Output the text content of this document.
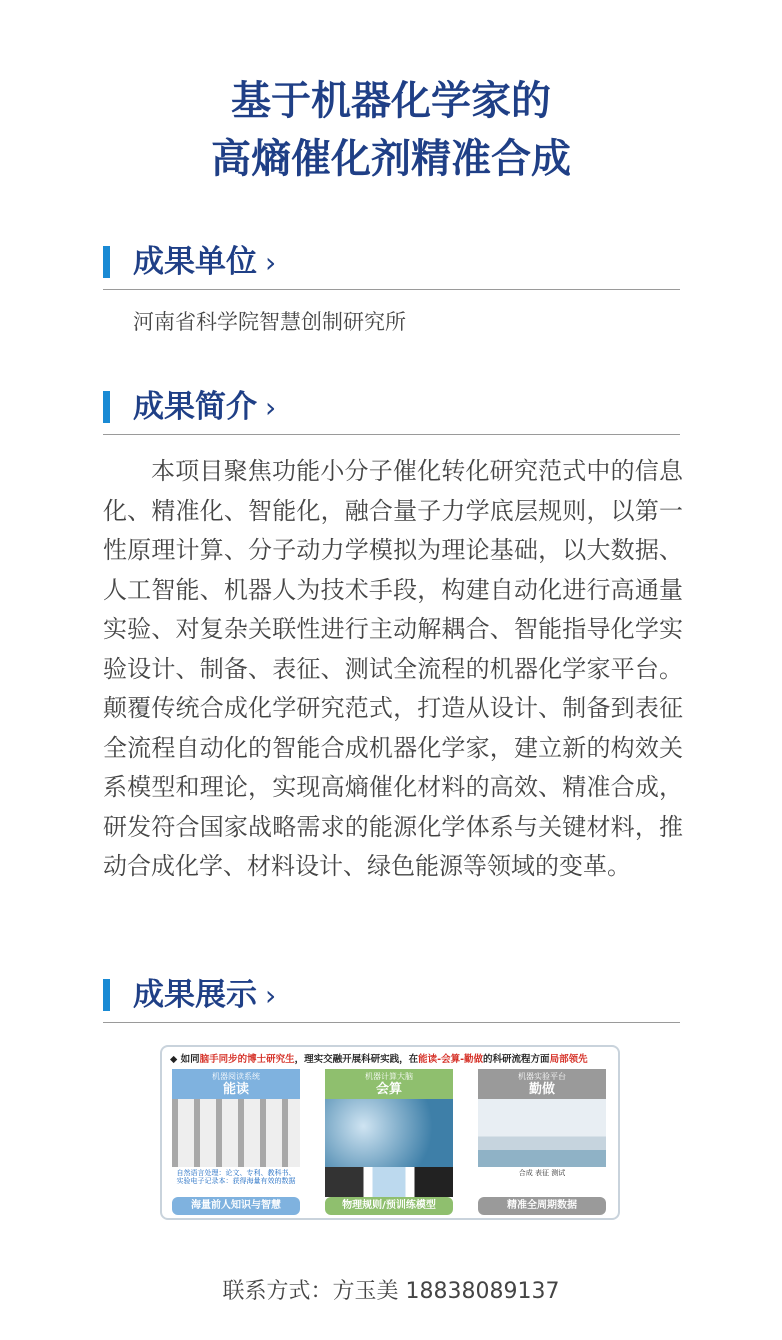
基于机器化学家的
高熵催化剂精准合成
成果单位 ›
河南省科学院智慧创制研究所
成果简介 ›
本项目聚焦功能小分子催化转化研究范式中的信息化、精准化、智能化，融合量子力学底层规则，以第一性原理计算、分子动力学模拟为理论基础，以大数据、人工智能、机器人为技术手段，构建自动化进行高通量实验、对复杂关联性进行主动解耦合、智能指导化学实验设计、制备、表征、测试全流程的机器化学家平台。颠覆传统合成化学研究范式，打造从设计、制备到表征全流程自动化的智能合成机器化学家，建立新的构效关系模型和理论，实现高熵催化材料的高效、精准合成，研发符合国家战略需求的能源化学体系与关键材料，推动合成化学、材料设计、绿色能源等领域的变革。
成果展示 ›
◆ 如同脑手同步的博士研究生，理实交融开展科研实践，在能读-会算-勤做的科研流程方面局部领先
机器阅读系统
能读
自然语言处理：论文、专利、教科书、实验电子记录本：获得海量有效的数据
海量前人知识与智慧
机器计算大脑
会算
物理规则/预训练模型
机器实验平台
勤做
合成 表征 测试
精准全周期数据
联系方式：方玉美 18838089137
